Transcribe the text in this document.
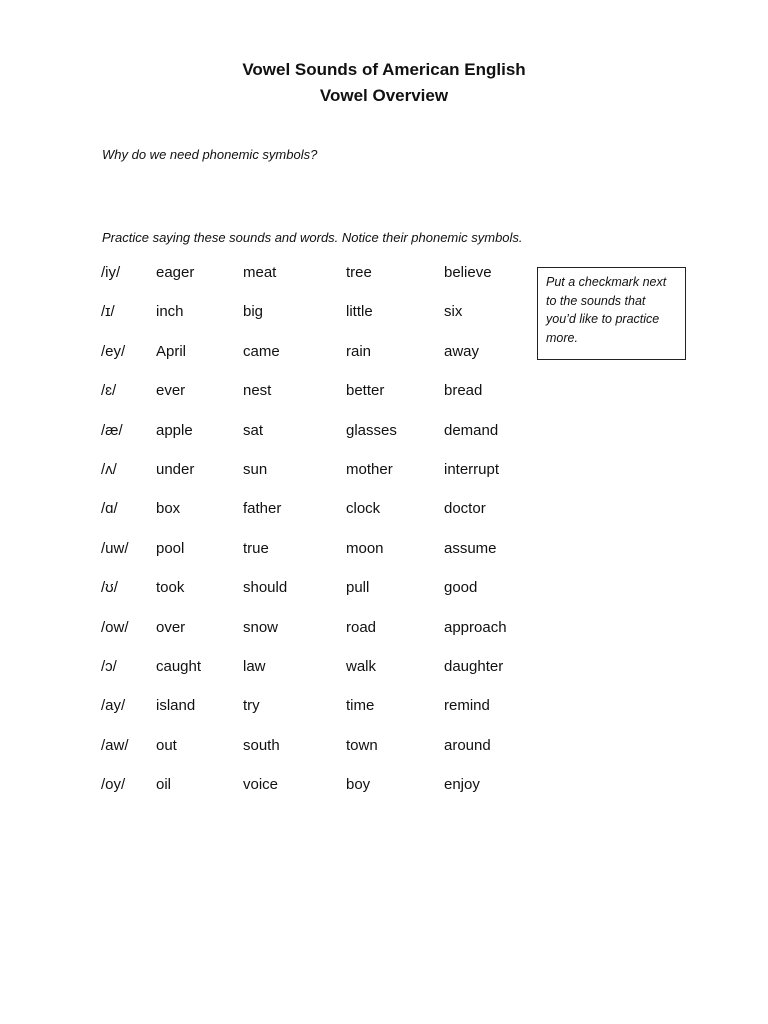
Vowel Sounds of American English
Vowel Overview

Why do we need phonemic symbols?

Practice saying these sounds and words. Notice their phonemic symbols.

/iy/	eager	meat	tree	believe
/ɪ/	inch	big	little	six
/ey/	April	came	rain	away
/ɛ/	ever	nest	better	bread
/æ/	apple	sat	glasses	demand
/ʌ/	under	sun	mother	interrupt
/ɑ/	box	father	clock	doctor
/uw/	pool	true	moon	assume
/ʊ/	took	should	pull	good
/ow/	over	snow	road	approach
/ɔ/	caught	law	walk	daughter
/ay/	island	try	time	remind
/aw/	out	south	town	around
/oy/	oil	voice	boy	enjoy
Put a checkmark next to the sounds that you’d like to practice more.
